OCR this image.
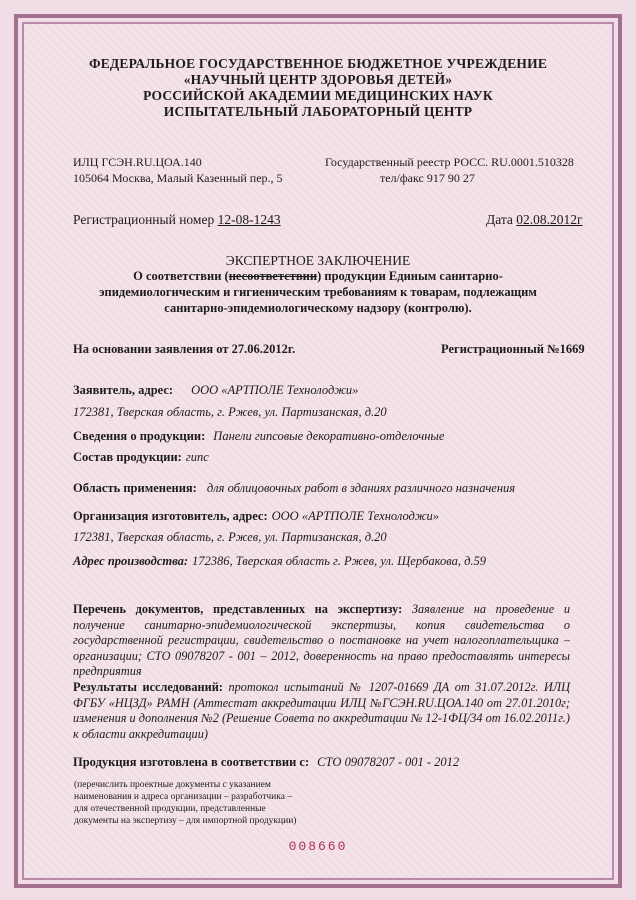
ФЕДЕРАЛЬНОЕ ГОСУДАРСТВЕННОЕ БЮДЖЕТНОЕ УЧРЕЖДЕНИЕ
«НАУЧНЫЙ ЦЕНТР ЗДОРОВЬЯ ДЕТЕЙ»
РОССИЙСКОЙ АКАДЕМИИ МЕДИЦИНСКИХ НАУК
ИСПЫТАТЕЛЬНЫЙ ЛАБОРАТОРНЫЙ ЦЕНТР
ИЛЦ ГСЭН.RU.ЦОА.140
105064 Москва, Малый Казенный пер., 5
Государственный реестр РОСС. RU.0001.510328
тел/факс 917 90 27
Регистрационный номер 12-08-1243	Дата 02.08.2012г
ЭКСПЕРТНОЕ ЗАКЛЮЧЕНИЕ
О соответствии (несоответствии) продукции Единым санитарно-
эпидемиологическим и гигиеническим требованиям к товарам, подлежащим
санитарно-эпидемиологическому надзору (контролю).
На основании заявления от 27.06.2012г.	Регистрационный №1669
Заявитель, адрес: ООО «АРТПОЛЕ Технолоджи»
172381, Тверская область, г. Ржев, ул. Партизанская, д.20
Сведения о продукции: Панели гипсовые декоративно-отделочные
Состав продукции: гипс
Область применения: для облицовочных работ в зданиях различного назначения
Организация изготовитель, адрес: ООО «АРТПОЛЕ Технолоджи»
172381, Тверская область, г. Ржев, ул. Партизанская, д.20
Адрес производства: 172386, Тверская область г. Ржев, ул. Щербакова, д.59
Перечень документов, представленных на экспертизу: Заявление на проведение и получение санитарно-эпидемиологической экспертизы, копия свидетельства о государственной регистрации, свидетельство о постановке на учет налогоплательщика – организации; СТО 09078207 - 001 – 2012, доверенность на право предоставлять интересы предприятия
Результаты исследований: протокол испытаний № 1207-01669 ДА от 31.07.2012г. ИЛЦ ФГБУ «НЦЗД» РАМН (Аттестат аккредитации ИЛЦ №ГСЭН.RU.ЦОА.140 от 27.01.2010г; изменения и дополнения №2 (Решение Совета по аккредитации № 12-1ФЦ/34 от 16.02.2011г.) к области аккредитации)
Продукция изготовлена в соответствии с: СТО 09078207 - 001 - 2012
(перечислить проектные документы с указанием наименования и адреса организации – разработчика – для отечественной продукции, представленные документы на экспертизу – для импортной продукции)
008660
